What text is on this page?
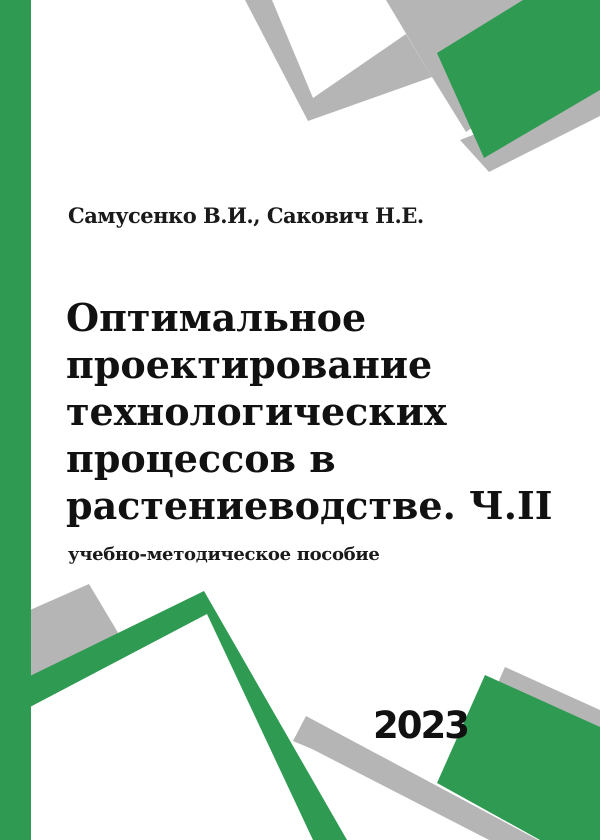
Самусенко В.И., Сакович Н.Е.
Оптимальное
проектирование
технологических
процессов в
растениеводстве. Ч.II
учебно-методическое пособие
2023
